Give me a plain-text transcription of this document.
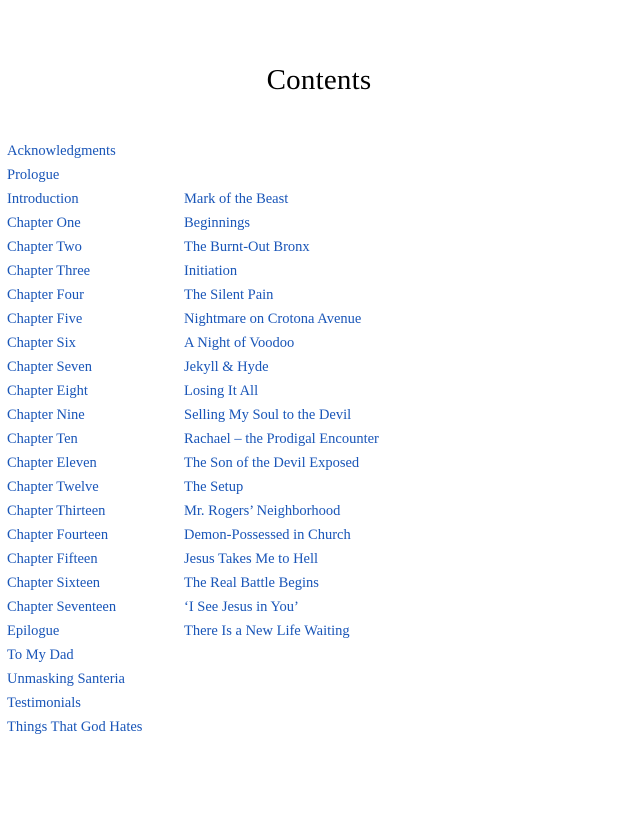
Contents
Acknowledgments
Prologue
Introduction	Mark of the Beast
Chapter One	Beginnings
Chapter Two	The Burnt-Out Bronx
Chapter Three	Initiation
Chapter Four	The Silent Pain
Chapter Five	Nightmare on Crotona Avenue
Chapter Six	A Night of Voodoo
Chapter Seven	Jekyll & Hyde
Chapter Eight	Losing It All
Chapter Nine	Selling My Soul to the Devil
Chapter Ten	Rachael – the Prodigal Encounter
Chapter Eleven	The Son of the Devil Exposed
Chapter Twelve	The Setup
Chapter Thirteen	Mr. Rogers’ Neighborhood
Chapter Fourteen	Demon-Possessed in Church
Chapter Fifteen	Jesus Takes Me to Hell
Chapter Sixteen	The Real Battle Begins
Chapter Seventeen	‘I See Jesus in You’
Epilogue	There Is a New Life Waiting
To My Dad
Unmasking Santeria
Testimonials
Things That God Hates
